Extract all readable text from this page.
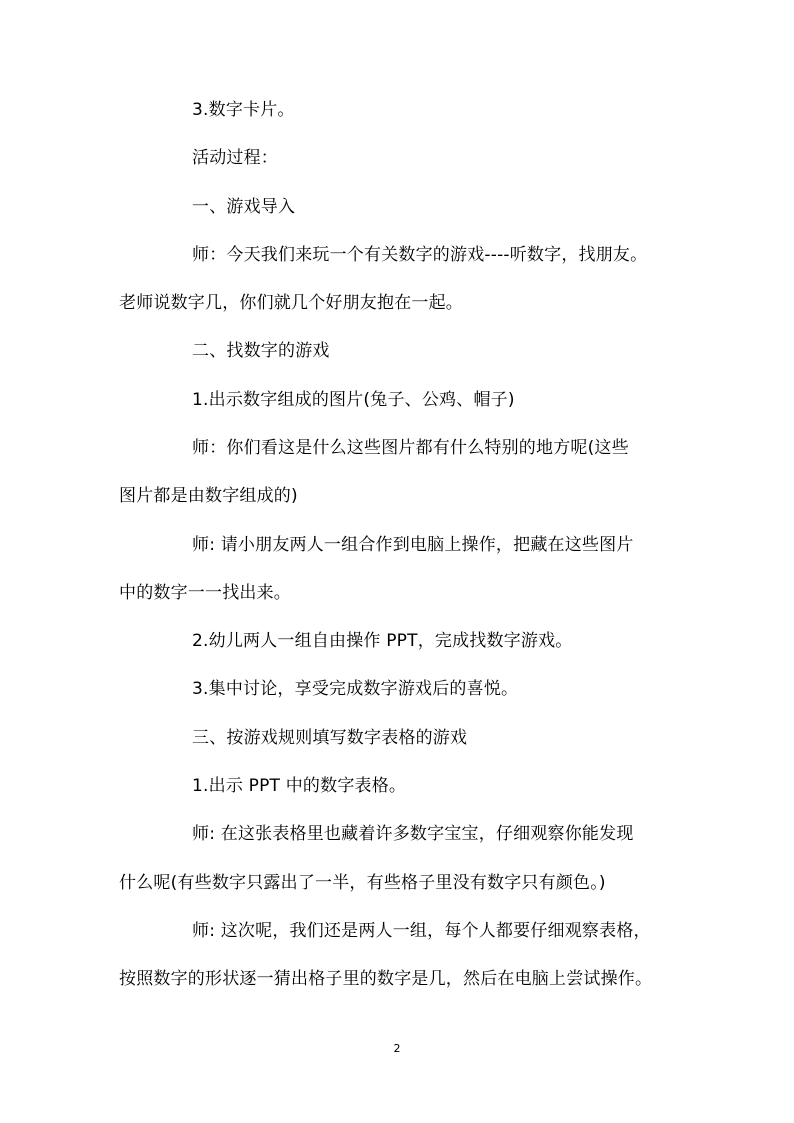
3.数字卡片。
活动过程：
一、游戏导入
师：今天我们来玩一个有关数字的游戏----听数字，找朋友。
老师说数字几，你们就几个好朋友抱在一起。
二、找数字的游戏
1.出示数字组成的图片(兔子、公鸡、帽子)
师：你们看这是什么这些图片都有什么特别的地方呢(这些
图片都是由数字组成的)
师: 请小朋友两人一组合作到电脑上操作，把藏在这些图片
中的数字一一找出来。
2.幼儿两人一组自由操作 PPT，完成找数字游戏。
3.集中讨论，享受完成数字游戏后的喜悦。
三、按游戏规则填写数字表格的游戏
1.出示 PPT 中的数字表格。
师: 在这张表格里也藏着许多数字宝宝，仔细观察你能发现
什么呢(有些数字只露出了一半，有些格子里没有数字只有颜色。)
师: 这次呢，我们还是两人一组，每个人都要仔细观察表格，
按照数字的形状逐一猜出格子里的数字是几，然后在电脑上尝试操作。
2
